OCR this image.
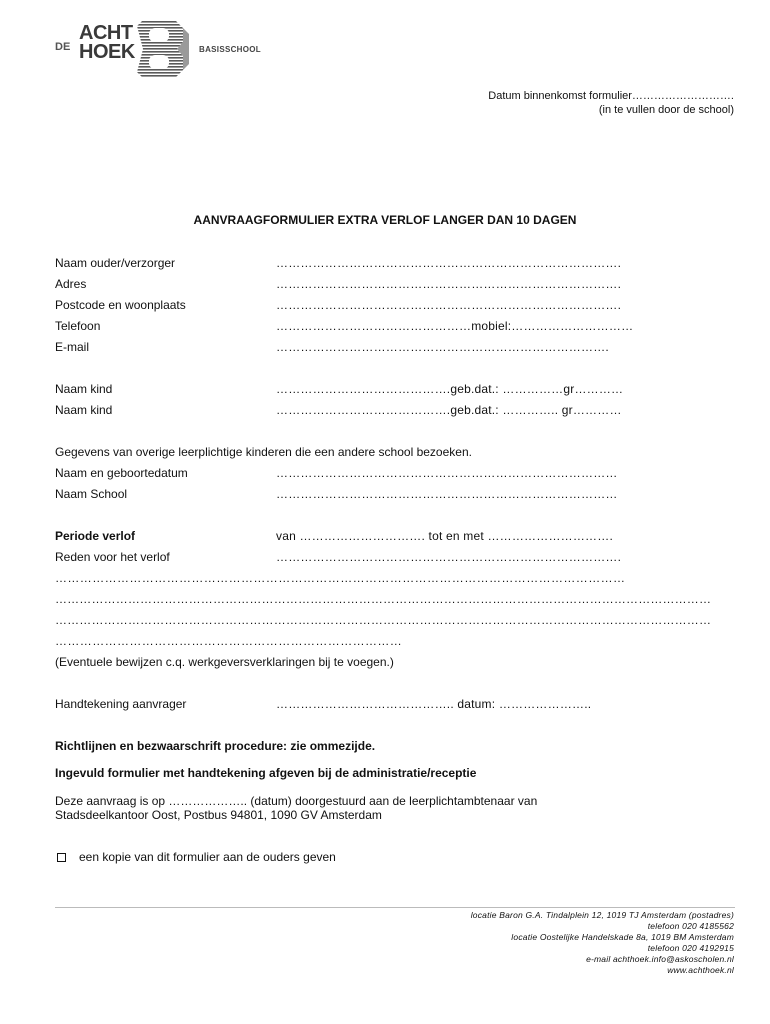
DE
ACHT
HOEK	BASISSCHOOL
Datum binnenkomst formulier……………………….
(in te vullen door de school)
AANVRAAGFORMULIER EXTRA VERLOF LANGER DAN 10 DAGEN
Naam ouder/verzorger	………………………………………………………………………….
Adres	………………………………………………………………………….
Postcode en woonplaats	………………………………………………………………………….
Telefoon	…………………………………………mobiel:…………………………
E-mail	……………………………………………………………………….
Naam kind	…………………………………….geb.dat.: ……………gr…………
Naam kind	…………………………………….geb.dat.: ………….. gr…………
Gegevens van overige leerplichtige kinderen die een andere school bezoeken.
Naam en geboortedatum	…………………………………………………………………………
Naam School	…………………………………………………………………………
Periode verlof	van …………………………. tot en met ………………………….
Reden voor het verlof	………………………………………………………………………….
…………………………………………………………………………………………………………………………
………………………………………………………………………………………………………………………………………………
………………………………………………………………………………………………………………………………………………
…………………………………………………………………………
(Eventuele bewijzen c.q. werkgeversverklaringen bij te voegen.)
Handtekening aanvrager	…………………………………….. datum: …………………..
Richtlijnen en bezwaarschrift procedure: zie ommezijde.
Ingevuld formulier met handtekening afgeven bij de administratie/receptie
Deze aanvraag is op ……………….. (datum) doorgestuurd aan de leerplichtambtenaar van
Stadsdeelkantoor Oost, Postbus 94801, 1090 GV Amsterdam
een kopie van dit formulier aan de ouders geven
locatie Baron G.A. Tindalplein 12, 1019 TJ Amsterdam (postadres)
telefoon 020 4185562
locatie Oostelijke Handelskade 8a, 1019 BM Amsterdam
telefoon 020 4192915
e-mail achthoek.info@askoscholen.nl
www.achthoek.nl
